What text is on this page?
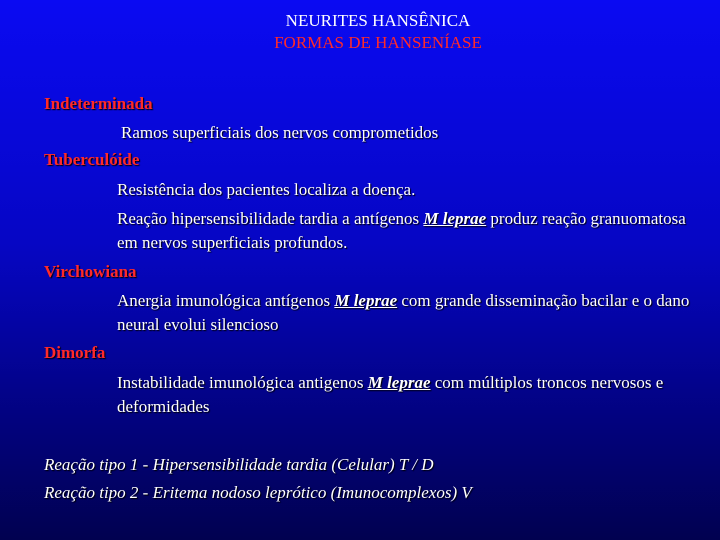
NEURITES HANSÊNICA
FORMAS DE HANSENÍASE
Indeterminada
Ramos superficiais dos nervos comprometidos
Tuberculóide
Resistência dos pacientes localiza a doença.
Reação hipersensibilidade tardia a antígenos M leprae produz reação granuomatosa em nervos superficiais profundos.
Virchowiana
Anergia imunológica antígenos M leprae com grande disseminação bacilar e o dano neural evolui silencioso
Dimorfa
Instabilidade imunológica antigenos M leprae com múltiplos troncos nervosos e deformidades
Reação tipo 1 - Hipersensibilidade tardia (Celular) T / D
Reação tipo 2 - Eritema nodoso leprótico (Imunocomplexos) V
